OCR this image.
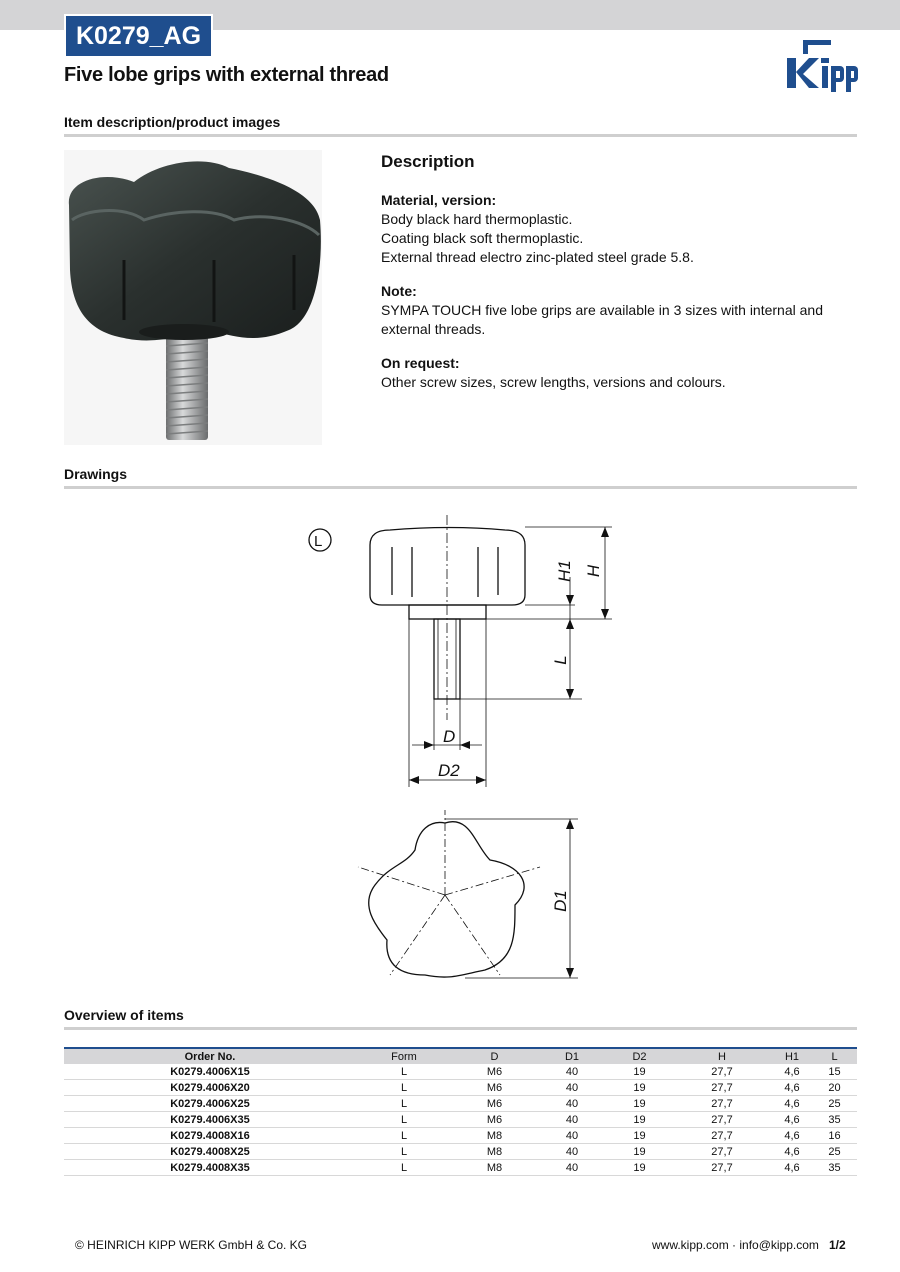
K0279_AG
Five lobe grips with external thread
Item description/product images
Description

Material, version:

Body black hard thermoplastic.

Coating black soft thermoplastic.

External thread electro zinc-plated steel grade 5.8.

Note:

SYMPA TOUCH five lobe grips are available in 3 sizes with internal and external threads.

On request:

Other screw sizes, screw lengths, versions and colours.

Drawings
L
H1 H
L
D
D2
D1
Overview of items
Order No.	Form	D	D1	D2	H	H1	L
K0279.4006X15	L	M6	40	19	27,7	4,6	15
K0279.4006X20	L	M6	40	19	27,7	4,6	20
K0279.4006X25	L	M6	40	19	27,7	4,6	25
K0279.4006X35	L	M6	40	19	27,7	4,6	35
K0279.4008X16	L	M8	40	19	27,7	4,6	16
K0279.4008X25	L	M8	40	19	27,7	4,6	25
K0279.4008X35	L	M8	40	19	27,7	4,6	35
© HEINRICH KIPP WERK GmbH & Co. KG	www.kipp.com · info@kipp.com 1/2
